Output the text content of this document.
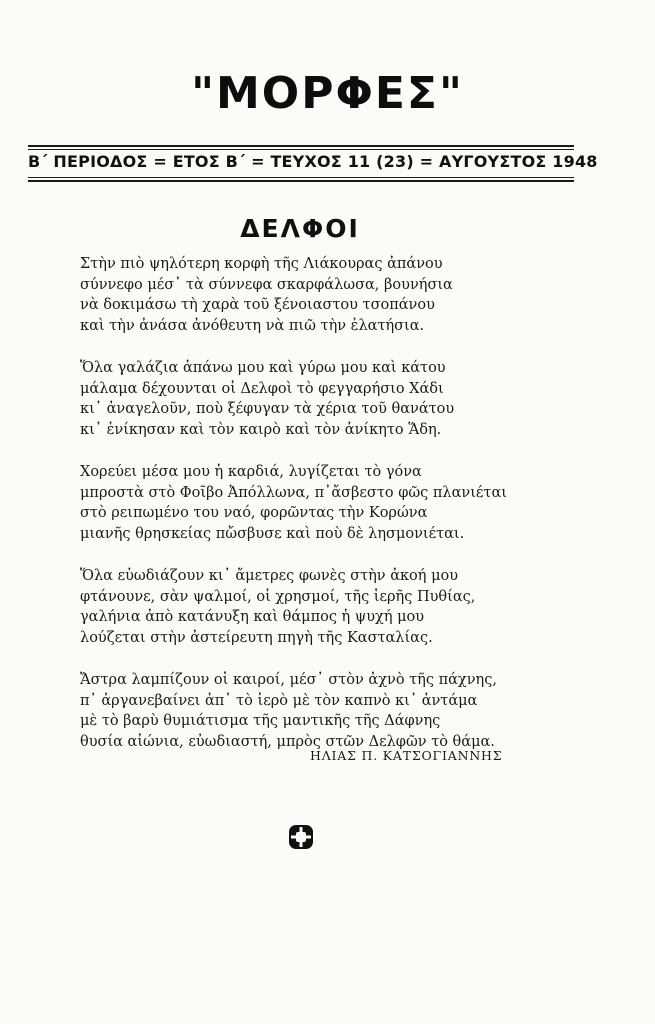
"ΜΟΡΦΕΣ"
Β΄ ΠΕΡΙΟΔΟΣ = ΕΤΟΣ Β΄ = ΤΕΥΧΟΣ 11 (23) = ΑΥΓΟΥΣΤΟΣ 1948
ΔΕΛΦΟΙ
Στὴν πιὸ ψηλότερη κορφὴ τῆς Λιάκουρας ἀπάνου
σύννεφο μέσ᾽ τὰ σύννεφα σκαρφάλωσα, βουνήσια
νὰ δοκιμάσω τὴ χαρὰ τοῦ ξένοιαστου τσοπάνου
καὶ τὴν ἀνάσα ἀνόθευτη νὰ πιῶ τὴν ἐλατήσια.
Ὅλα γαλάζια ἀπάνω μου καὶ γύρω μου καὶ κάτου
μάλαμα δέχουνται οἱ Δελφοὶ τὸ φεγγαρήσιο Χάδι
κι᾽ ἀναγελοῦν, ποὺ ξέφυγαν τὰ χέρια τοῦ θανάτου
κι᾽ ἐνίκησαν καὶ τὸν καιρὸ καὶ τὸν ἀνίκητο Ἅδη.
Χορεύει μέσα μου ἡ καρδιά, λυγίζεται τὸ γόνα
μπροστὰ στὸ Φοῖβο Ἀπόλλωνα, π᾽ἄσβεστο φῶς πλανιέται
στὸ ρειπωμένο του ναό, φορῶντας τὴν Κορώνα
μιανῆς θρησκείας πὤσβυσε καὶ ποὺ δὲ λησμονιέται.
Ὅλα εὐωδιάζουν κι᾽ ἄμετρες φωνὲς στὴν ἀκοή μου
φτάνουνε, σὰν ψαλμοί, οἱ χρησμοί, τῆς ἱερῆς Πυθίας,
γαλήνια ἀπὸ κατάνυξη καὶ θάμπος ἡ ψυχή μου
λούζεται στὴν ἀστείρευτη πηγὴ τῆς Κασταλίας.
Ἄστρα λαμπίζουν οἱ καιροί, μέσ᾽ στὸν ἀχνὸ τῆς πάχνης,
π᾽ ἀργανεβαίνει ἀπ᾽ τὸ ἱερὸ μὲ τὸν καπνὸ κι᾽ ἀντάμα
μὲ τὸ βαρὺ θυμιάτισμα τῆς μαντικῆς τῆς Δάφνης
θυσία αἰώνια, εὐωδιαστή, μπρὸς στῶν Δελφῶν τὸ θάμα.
ΗΛΙΑΣ Π. ΚΑΤΣΟΓΙΑΝΝΗΣ
